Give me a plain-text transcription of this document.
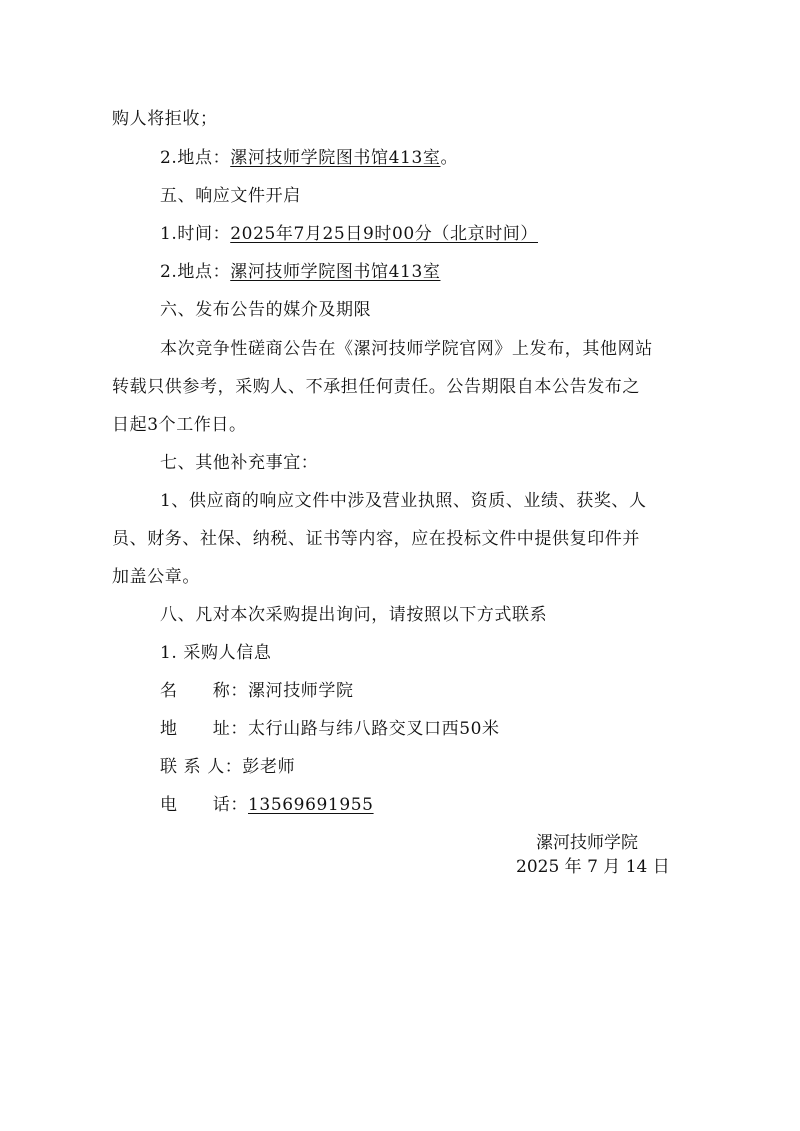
购人将拒收；
2.地点：漯河技师学院图书馆413室。
五、响应文件开启
1.时间：2025年7月25日9时00分（北京时间）
2.地点：漯河技师学院图书馆413室
六、发布公告的媒介及期限
本次竞争性磋商公告在《漯河技师学院官网》上发布，其他网站
转载只供参考，采购人、不承担任何责任。公告期限自本公告发布之
日起3个工作日。
七、其他补充事宜：
1、供应商的响应文件中涉及营业执照、资质、业绩、获奖、人
员、财务、社保、纳税、证书等内容，应在投标文件中提供复印件并
加盖公章。
八、凡对本次采购提出询问，请按照以下方式联系
1. 采购人信息
名　　称：漯河技师学院
地　　址：太行山路与纬八路交叉口西50米
联 系 人：彭老师
电　　话：13569691955
漯河技师学院
2025 年 7 月 14 日
